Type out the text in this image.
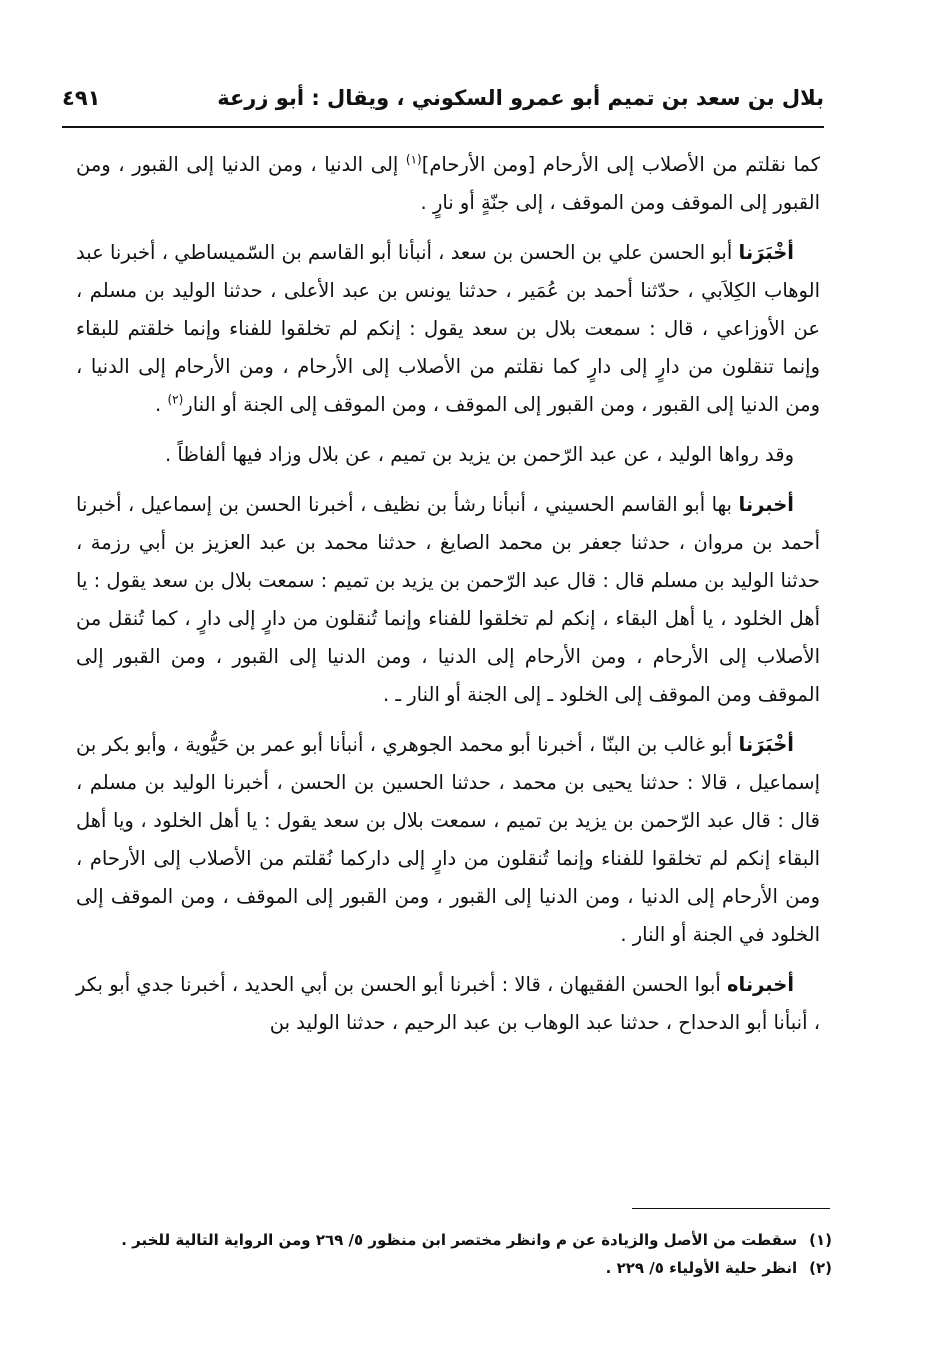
بلال بن سعد بن تميم أبو عمرو السكوني ، ويقال : أبو زرعة
٤٩١

كما نقلتم من الأصلاب إلى الأرحام [ومن الأرحام]$^{(١)}$ إلى الدنيا ، ومن الدنيا إلى القبور ، ومن القبور إلى الموقف ومن الموقف ، إلى جنّةٍ أو نارٍ .

أخْبَرَنا أبو الحسن علي بن الحسن بن سعد ، أنبأنا أبو القاسم بن السّميساطي ، أخبرنا عبد الوهاب الكِلاَبي ، حدّثنا أحمد بن عُمَير ، حدثنا يونس بن عبد الأعلى ، حدثنا الوليد بن مسلم ، عن الأوزاعي ، قال : سمعت بلال بن سعد يقول : إنكم لم تخلقوا للفناء وإنما خلقتم للبقاء وإنما تنقلون من دارٍ إلى دارٍ كما نقلتم من الأصلاب إلى الأرحام ، ومن الأرحام إلى الدنيا ، ومن الدنيا إلى القبور ، ومن القبور إلى الموقف ، ومن الموقف إلى الجنة أو النار$^{(٢)}$ .

وقد رواها الوليد ، عن عبد الرّحمن بن يزيد بن تميم ، عن بلال وزاد فيها ألفاظاً .

أخبرنا بها أبو القاسم الحسيني ، أنبأنا رشأ بن نظيف ، أخبرنا الحسن بن إسماعيل ، أخبرنا أحمد بن مروان ، حدثنا جعفر بن محمد الصايغ ، حدثنا محمد بن عبد العزيز بن أبي رزمة ، حدثنا الوليد بن مسلم قال : قال عبد الرّحمن بن يزيد بن تميم : سمعت بلال بن سعد يقول : يا أهل الخلود ، يا أهل البقاء ، إنكم لم تخلقوا للفناء وإنما تُنقلون من دارٍ إلى دارٍ ، كما تُنقل من الأصلاب إلى الأرحام ، ومن الأرحام إلى الدنيا ، ومن الدنيا إلى القبور ، ومن القبور إلى الموقف ومن الموقف إلى الخلود ـ إلى الجنة أو النار ـ .

أخْبَرَنا أبو غالب بن البنّا ، أخبرنا أبو محمد الجوهري ، أنبأنا أبو عمر بن حَيُّوية ، وأبو بكر بن إسماعيل ، قالا : حدثنا يحيى بن محمد ، حدثنا الحسين بن الحسن ، أخبرنا الوليد بن مسلم ، قال : قال عبد الرّحمن بن يزيد بن تميم ، سمعت بلال بن سعد يقول : يا أهل الخلود ، ويا أهل البقاء إنكم لم تخلقوا للفناء وإنما تُنقلون من دارٍ إلى داركما نُقلتم من الأصلاب إلى الأرحام ، ومن الأرحام إلى الدنيا ، ومن الدنيا إلى القبور ، ومن القبور إلى الموقف ، ومن الموقف إلى الخلود في الجنة أو النار .

أخبرناه أبوا الحسن الفقيهان ، قالا : أخبرنا أبو الحسن بن أبي الحديد ، أخبرنا جدي أبو بكر ، أنبأنا أبو الدحداح ، حدثنا عبد الوهاب بن عبد الرحيم ، حدثنا الوليد بن

(١)سقطت من الأصل والزيادة عن م وانظر مختصر ابن منظور ٥/ ٢٦٩ ومن الرواية التالية للخبر .
(٢)انظر حلية الأولياء ٥/ ٢٢٩ .
